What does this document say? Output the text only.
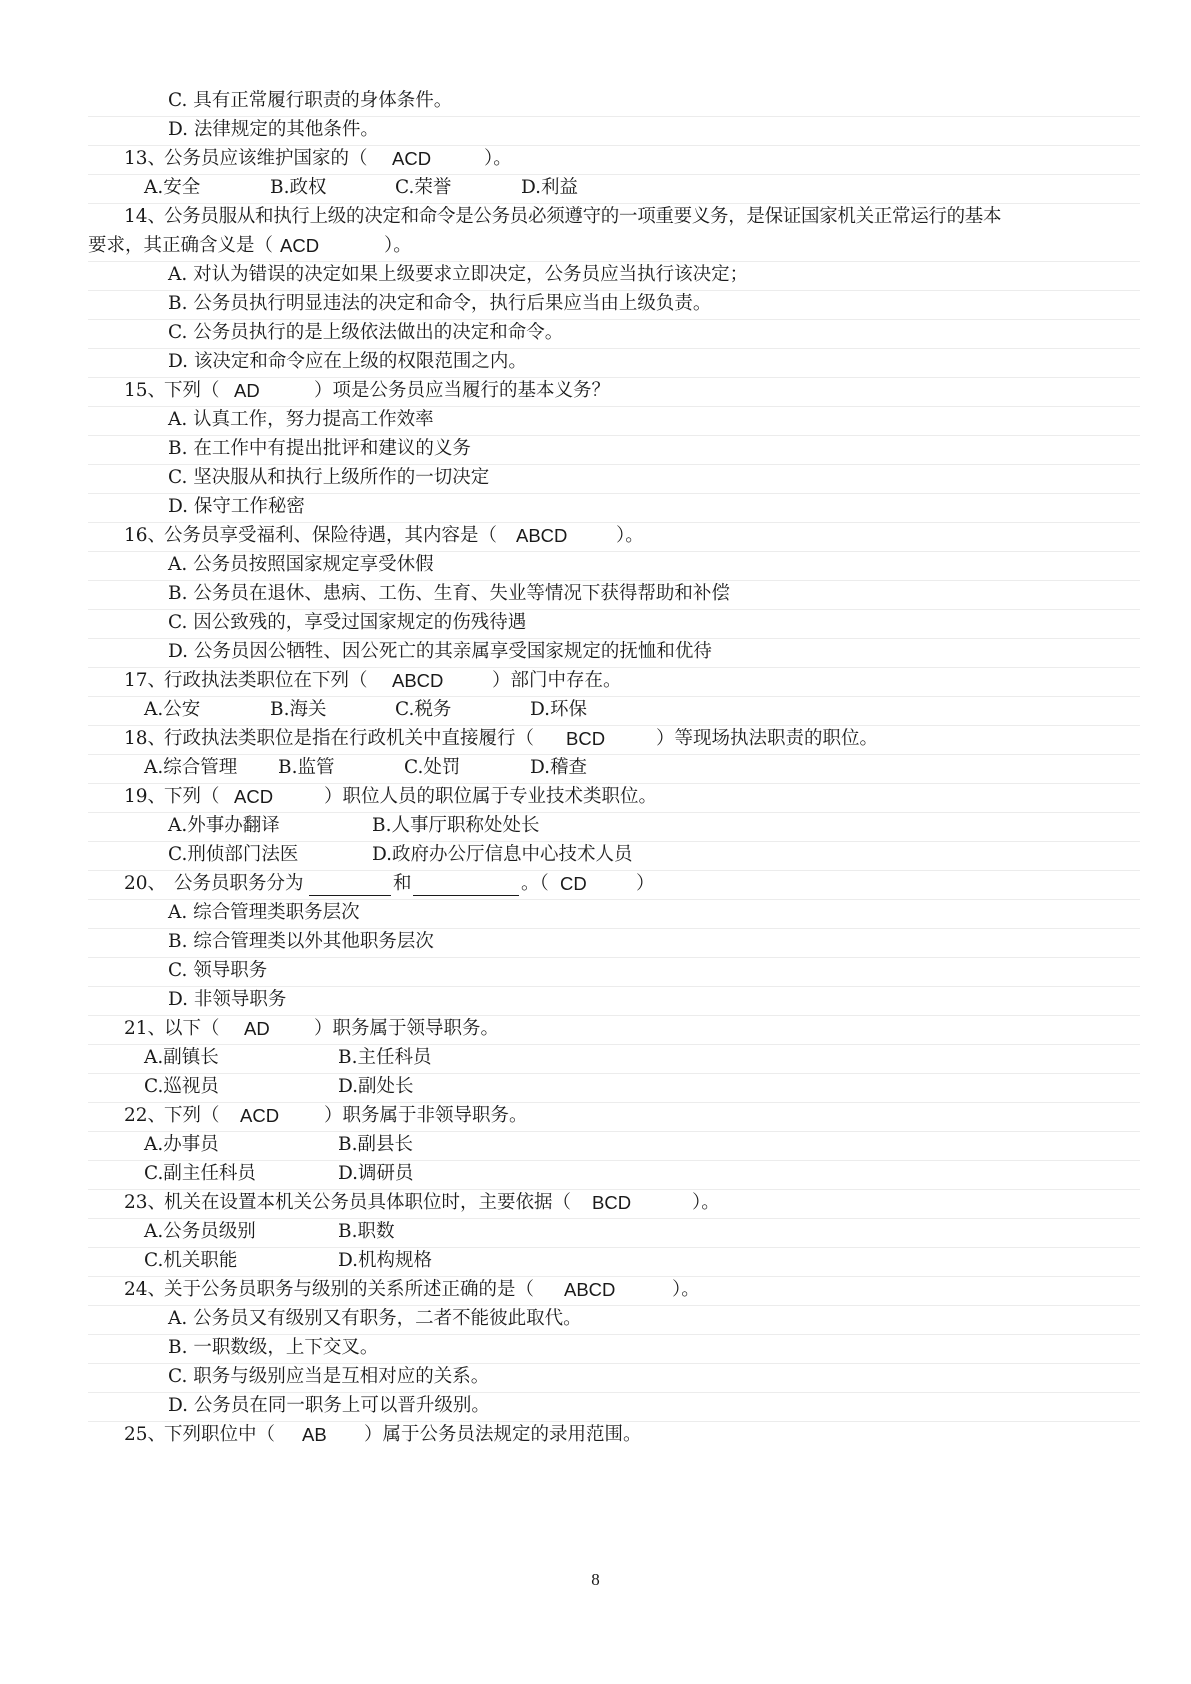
C. 具有正常履行职责的身体条件。
D. 法律规定的其他条件。
13、
公务员应该维护国家的（ ACD	）。
A.安全	B.政权	C.荣誉	D.利益
14、
公务员服从和执行上级的决定和命令是公务员必须遵守的一项重要义务，是保证国家机关正常运行的基本
要求，其正确含义是（ ACD	）。
A. 对认为错误的决定如果上级要求立即决定，公务员应当执行该决定；
B. 公务员执行明显违法的决定和命令，执行后果应当由上级负责。
C. 公务员执行的是上级依法做出的决定和命令。
D. 该决定和命令应在上级的权限范围之内。
15、
下列（ AD	）项是公务员应当履行的基本义务？
A. 认真工作，努力提高工作效率
B. 在工作中有提出批评和建议的义务
C. 坚决服从和执行上级所作的一切决定
D. 保守工作秘密
16、
公务员享受福利、保险待遇，其内容是（ ABCD	）。
A. 公务员按照国家规定享受休假
B. 公务员在退休、患病、工伤、生育、失业等情况下获得帮助和补偿
C. 因公致残的，享受过国家规定的伤残待遇
D. 公务员因公牺牲、因公死亡的其亲属享受国家规定的抚恤和优待
17、
行政执法类职位在下列（ ABCD	）部门中存在。
A.公安	B.海关	C.税务	D.环保
18、
行政执法类职位是指在行政机关中直接履行（ BCD	）等现场执法职责的职位。
A.综合管理 B.监管	C.处罚	D.稽查
19、
下列（ ACD	）职位人员的职位属于专业技术类职位。
A.外事办翻译	B.人事厅职称处处长
C.刑侦部门法医	D.政府办公厅信息中心技术人员
20、 公务员职务分为	和	。（ CD	）
A. 综合管理类职务层次
B. 综合管理类以外其他职务层次
C. 领导职务
D. 非领导职务
21、
以下（ AD ）职务属于领导职务。
A.副镇长	B.主任科员
C.巡视员	D.副处长
22、
下列（ ACD ）职务属于非领导职务。
A.办事员	B.副县长
C.副主任科员	D.调研员
23、
机关在设置本机关公务员具体职位时，主要依据（ BCD	）。
A.公务员级别	B.职数
C.机关职能	D.机构规格
24、
关于公务员职务与级别的关系所述正确的是（ ABCD	）。
A. 公务员又有级别又有职务，二者不能彼此取代。
B. 一职数级，上下交叉。
C. 职务与级别应当是互相对应的关系。
D. 公务员在同一职务上可以晋升级别。
25、
下列职位中（ AB ）属于公务员法规定的录用范围。
8
